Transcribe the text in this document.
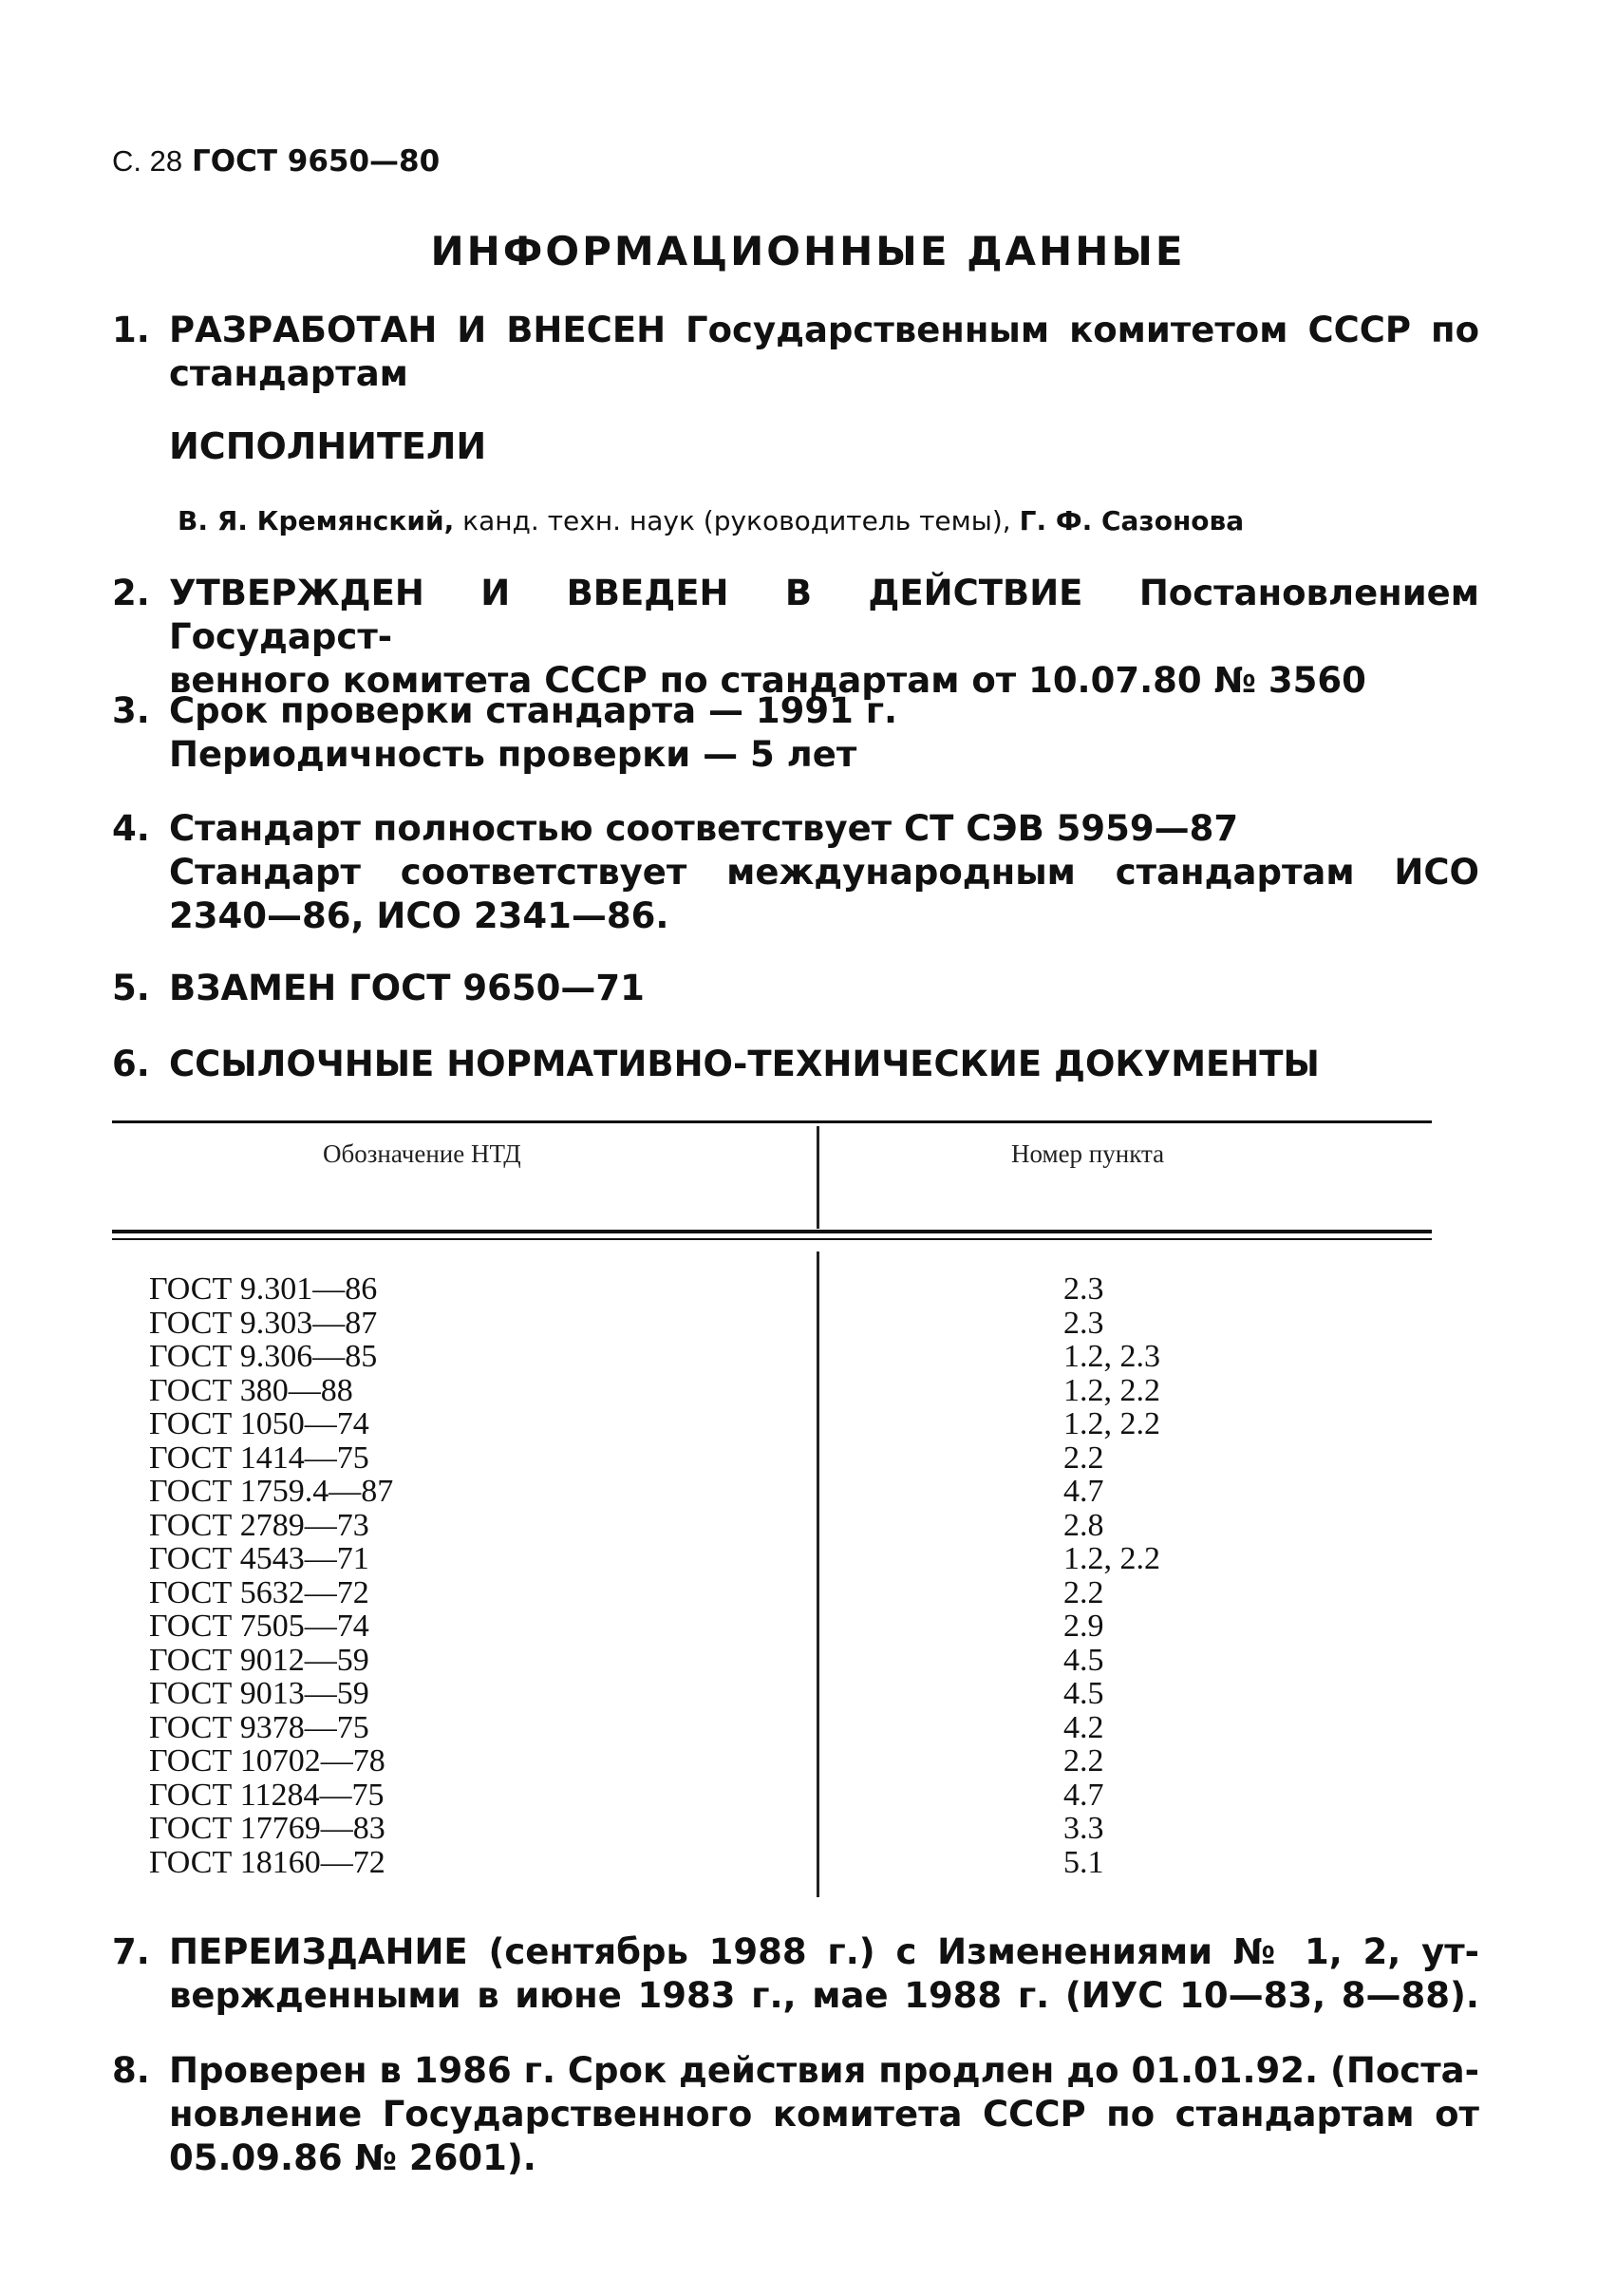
С. 28 ГОСТ 9650—80
ИНФОРМАЦИОННЫЕ ДАННЫЕ
1. РАЗРАБОТАН И ВНЕСЕН Государственным комитетом СССР по

стандартам

ИСПОЛНИТЕЛИ
В. Я. Кремянский, канд. техн. наук (руководитель темы), Г. Ф. Сазонова
2. УТВЕРЖДЕН И ВВЕДЕН В ДЕЙСТВИЕ Постановлением Государст-

венного комитета СССР по стандартам от 10.07.80 № 3560

3. Срок проверки стандарта — 1991 г.

Периодичность проверки — 5 лет

4. Стандарт полностью соответствует СТ СЭВ 5959—87

Стандарт соответствует международным стандартам ИСО

2340—86, ИСО 2341—86.

5. ВЗАМЕН ГОСТ 9650—71

6. ССЫЛОЧНЫЕ НОРМАТИВНО-ТЕХНИЧЕСКИЕ ДОКУМЕНТЫ

Обозначение НТД	Номер пункта
ГОСТ 9.301—86
ГОСТ 9.303—87
ГОСТ 9.306—85
ГОСТ 380—88
ГОСТ 1050—74
ГОСТ 1414—75
ГОСТ 1759.4—87
ГОСТ 2789—73
ГОСТ 4543—71
ГОСТ 5632—72
ГОСТ 7505—74
ГОСТ 9012—59
ГОСТ 9013—59
ГОСТ 9378—75
ГОСТ 10702—78
ГОСТ 11284—75
ГОСТ 17769—83
ГОСТ 18160—72
2.3
2.3
1.2, 2.3
1.2, 2.2
1.2, 2.2
2.2
4.7
2.8
1.2, 2.2
2.2
2.9
4.5
4.5
4.2
2.2
4.7
3.3
5.1
7. ПЕРЕИЗДАНИЕ (сентябрь 1988 г.) с Изменениями № 1, 2, ут-

вержденными в июне 1983 г., мае 1988 г. (ИУС 10—83, 8—88).

8. Проверен в 1986 г. Срок действия продлен до 01.01.92. (Поста-

новление Государственного комитета СССР по стандартам от

05.09.86 № 2601).
